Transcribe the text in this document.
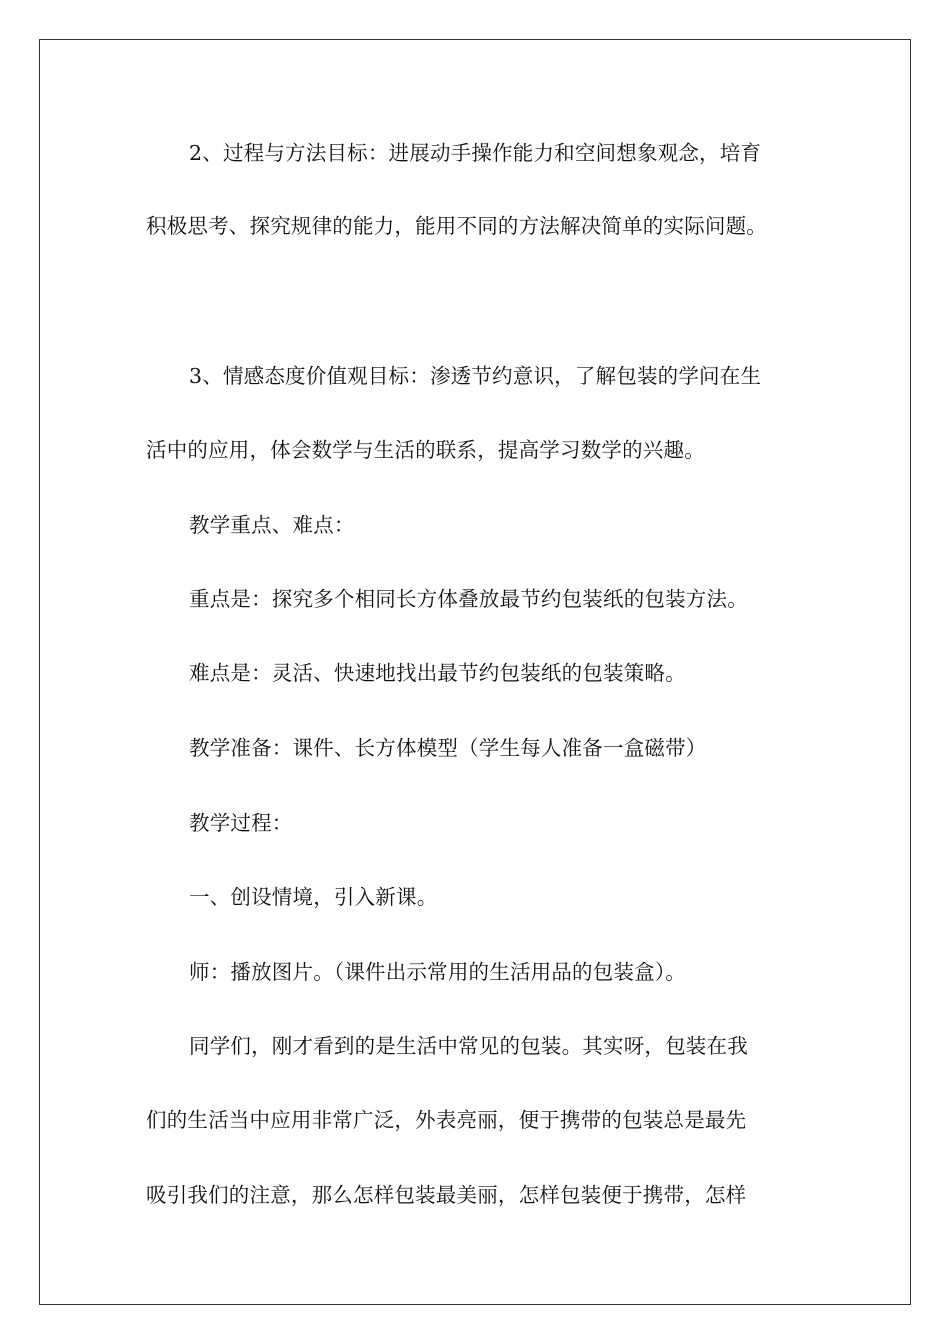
2、过程与方法目标：进展动手操作能力和空间想象观念，培育
积极思考、探究规律的能力，能用不同的方法解决简单的实际问题。
3、情感态度价值观目标：渗透节约意识，了解包装的学问在生
活中的应用，体会数学与生活的联系，提高学习数学的兴趣。
教学重点、难点：
重点是：探究多个相同长方体叠放最节约包装纸的包装方法。
难点是：灵活、快速地找出最节约包装纸的包装策略。
教学准备：课件、长方体模型（学生每人准备一盒磁带）
教学过程：
一、创设情境，引入新课。
师：播放图片。（课件出示常用的生活用品的包装盒）。
同学们，刚才看到的是生活中常见的包装。其实呀，包装在我
们的生活当中应用非常广泛，外表亮丽，便于携带的包装总是最先
吸引我们的注意，那么怎样包装最美丽，怎样包装便于携带，怎样
